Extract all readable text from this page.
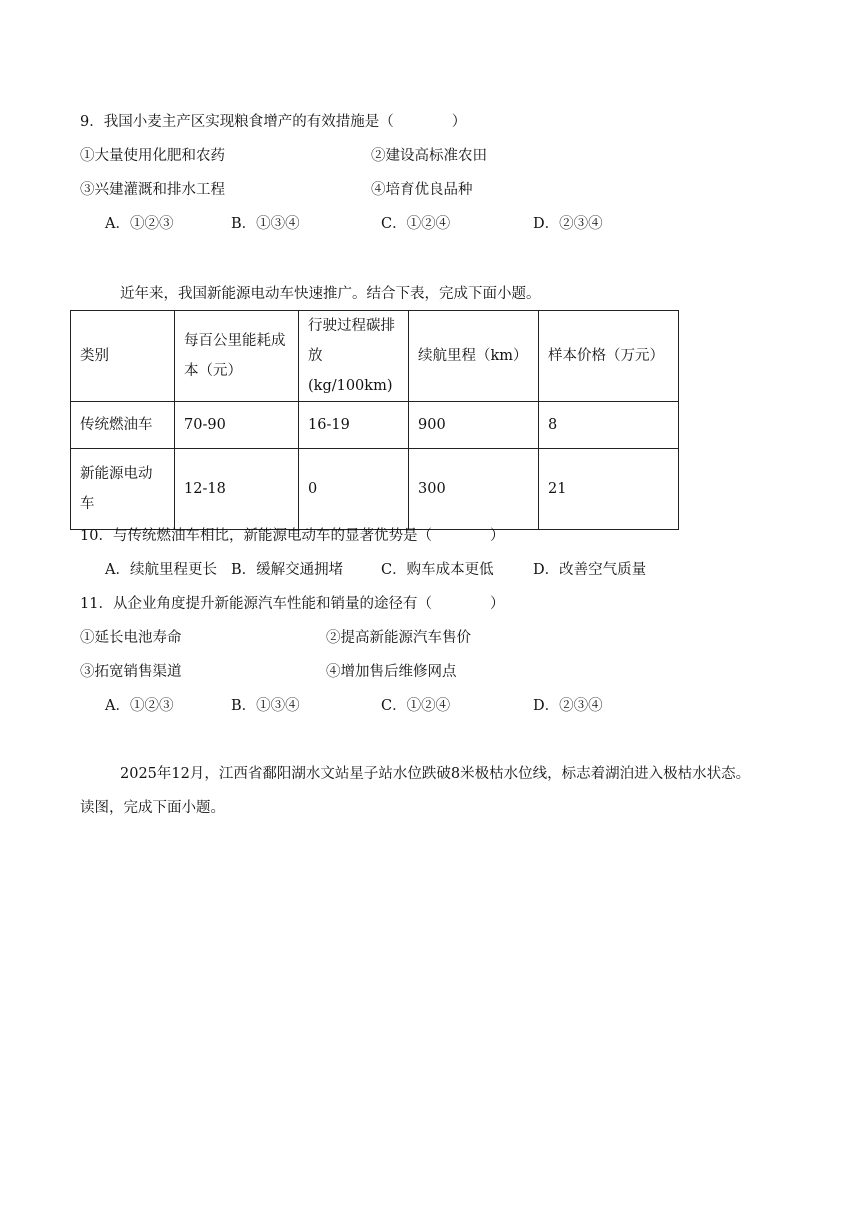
9．我国小麦主产区实现粮食增产的有效措施是（　　　　）
①大量使用化肥和农药	②建设高标准农田
③兴建灌溉和排水工程	④培育优良品种
A．①②③	B．①③④	C．①②④	D．②③④
近年来，我国新能源电动车快速推广。结合下表，完成下面小题。
类别	每百公里能耗成本（元）	行驶过程碳排放(kg/100km)	续航里程（km）	样本价格（万元）
传统燃油车	70-90	16-19	900	8
新能源电动车	12-18	0	300	21
10．与传统燃油车相比，新能源电动车的显著优势是（　　　　）
A．续航里程更长 B．缓解交通拥堵	C．购车成本更低	D．改善空气质量
11．从企业角度提升新能源汽车性能和销量的途径有（　　　　）
①延长电池寿命	②提高新能源汽车售价
③拓宽销售渠道	④增加售后维修网点
A．①②③	B．①③④	C．①②④	D．②③④
2025年12月，江西省鄱阳湖水文站星子站水位跌破8米极枯水位线，标志着湖泊进入极枯水状态。
读图，完成下面小题。
